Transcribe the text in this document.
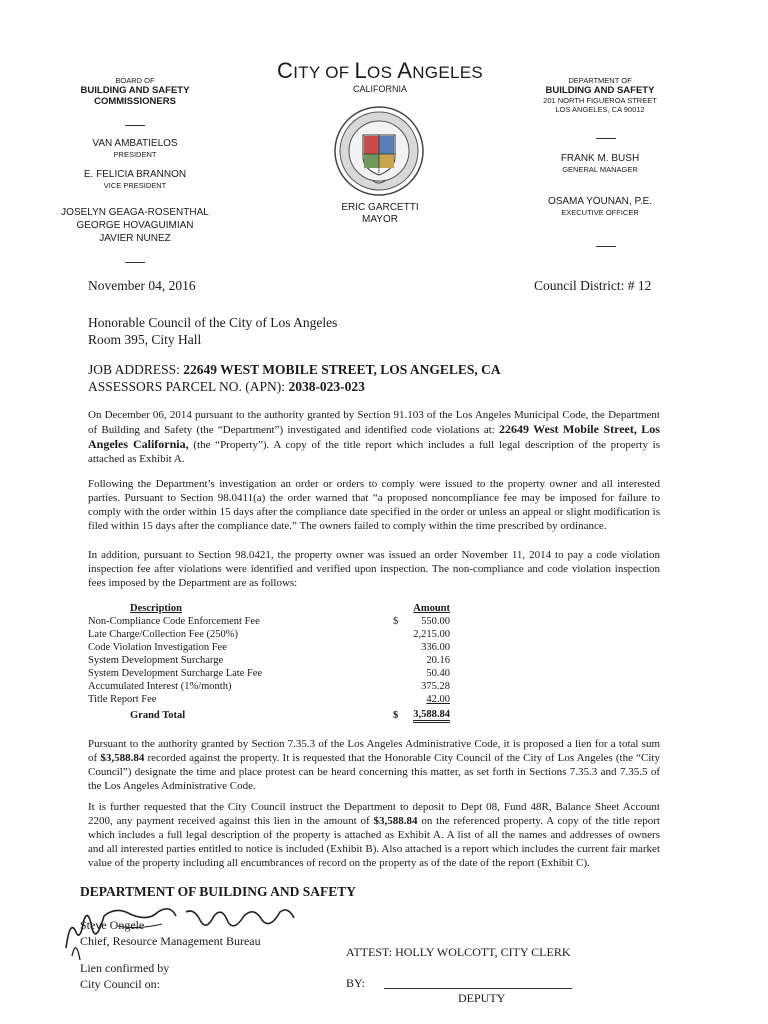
CITY OF LOS ANGELES
CALIFORNIA
BOARD OF
BUILDING AND SAFETY
COMMISSIONERS
VAN AMBATIELOS
PRESIDENT
E. FELICIA BRANNON
VICE PRESIDENT
JOSELYN GEAGA-ROSENTHAL
GEORGE HOVAGUIMIAN
JAVIER NUNEZ
ERIC GARCETTI
MAYOR
DEPARTMENT OF
BUILDING AND SAFETY
201 NORTH FIGUEROA STREET
LOS ANGELES, CA 90012
FRANK M. BUSH
GENERAL MANAGER
OSAMA YOUNAN, P.E.
EXECUTIVE OFFICER
November 04, 2016	Council District: # 12
Honorable Council of the City of Los Angeles
Room 395, City Hall
JOB ADDRESS: 22649 WEST MOBILE STREET, LOS ANGELES, CA
ASSESSORS PARCEL NO. (APN): 2038-023-023
On December 06, 2014 pursuant to the authority granted by Section 91.103 of the Los Angeles Municipal Code, the Department of Building and Safety (the “Department”) investigated and identified code violations at: 22649 West Mobile Street, Los Angeles California, (the “Property”). A copy of the title report which includes a full legal description of the property is attached as Exhibit A.
Following the Department’s investigation an order or orders to comply were issued to the property owner and all interested parties. Pursuant to Section 98.0411(a) the order warned that “a proposed noncompliance fee may be imposed for failure to comply with the order within 15 days after the compliance date specified in the order or unless an appeal or slight modification is filed within 15 days after the compliance date.” The owners failed to comply within the time prescribed by ordinance.
In addition, pursuant to Section 98.0421, the property owner was issued an order November 11, 2014 to pay a code violation inspection fee after violations were identified and verified upon inspection. The non-compliance and code violation inspection fees imposed by the Department are as follows:
Description	Amount
Non-Compliance Code Enforcement Fee	$ 550.00
Late Charge/Collection Fee (250%)	2,215.00
Code Violation Investigation Fee	336.00
System Development Surcharge	20.16
System Development Surcharge Late Fee	50.40
Accumulated Interest (1%/month)	375.28
Title Report Fee	42.00
Grand Total	$ 3,588.84
Pursuant to the authority granted by Section 7.35.3 of the Los Angeles Administrative Code, it is proposed a lien for a total sum of $3,588.84 recorded against the property. It is requested that the Honorable City Council of the City of Los Angeles (the “City Council”) designate the time and place protest can be heard concerning this matter, as set forth in Sections 7.35.3 and 7.35.5 of the Los Angeles Administrative Code.
It is further requested that the City Council instruct the Department to deposit to Dept 08, Fund 48R, Balance Sheet Account 2200, any payment received against this lien in the amount of $3,588.84 on the referenced property. A copy of the title report which includes a full legal description of the property is attached as Exhibit A. A list of all the names and addresses of owners and all interested parties entitled to notice is included (Exhibit B). Also attached is a report which includes the current fair market value of the property including all encumbrances of record on the property as of the date of the report (Exhibit C).
DEPARTMENT OF BUILDING AND SAFETY
Steve Ongele
Chief, Resource Management Bureau
ATTEST: HOLLY WOLCOTT, CITY CLERK
Lien confirmed by
City Council on:	BY:
DEPUTY
